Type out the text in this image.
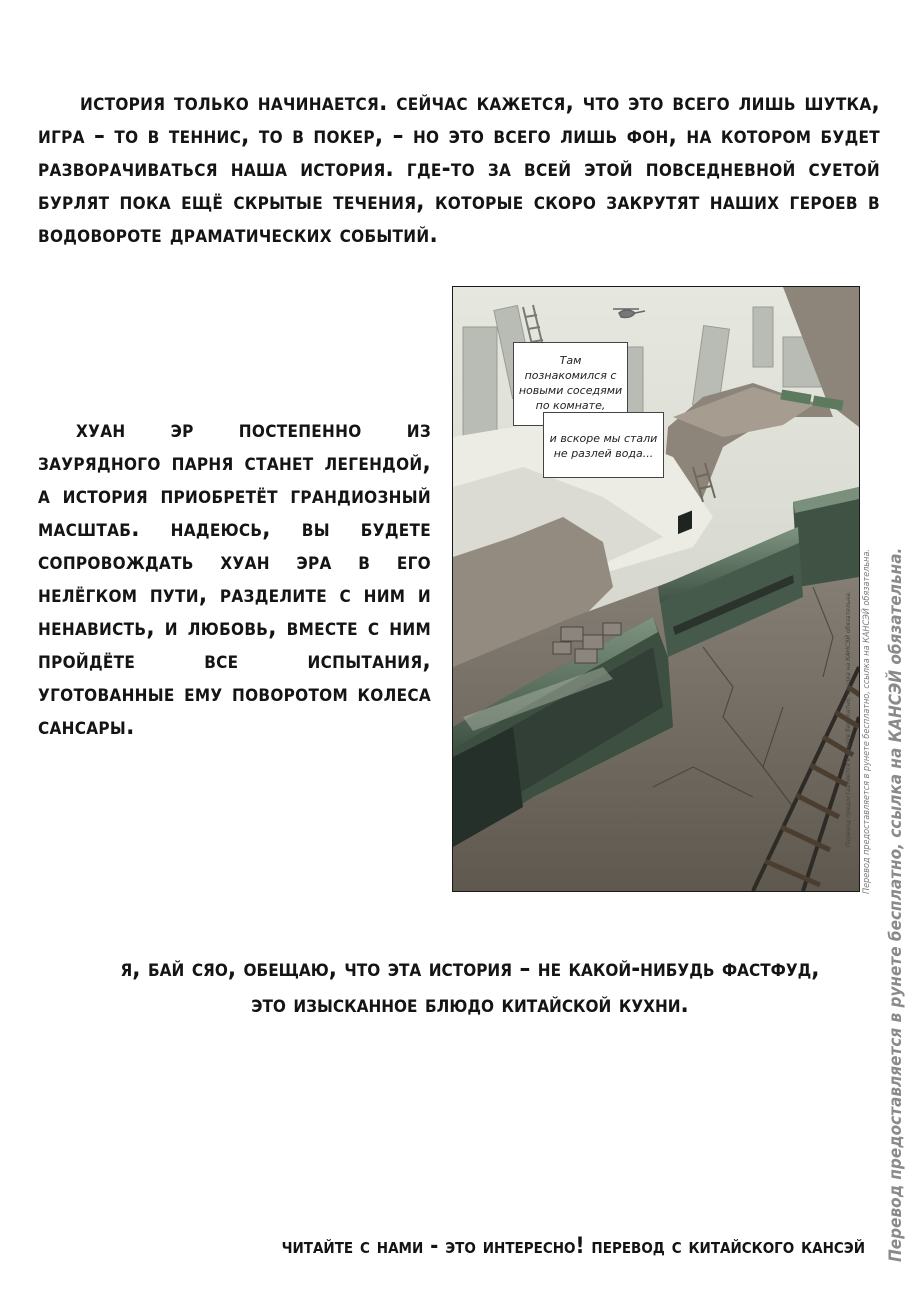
история только начинается. сейчас кажется, что это всего лишь шутка, игра – то в теннис, то в покер, – но это всего лишь фон, на котором будет разворачиваться наша история. где-то за всей этой повседневной суетой бурлят пока ещё скрытые течения, которые скоро закрутят наших героев в водовороте драматических событий.

хуан эр постепенно из заурядного парня станет легендой, а история приобретёт грандиозный масштаб. надеюсь, вы будете сопровождать хуан эра в его нелёгком пути, разделите с ним и ненависть, и любовь, вместе с ним пройдёте все испытания, уготованные ему поворотом колеса сансары.	Перевод предоставляется в рунете бесплатно, ссылка на КАНСЭЙ обязательна.
Там познакомился с новыми соседями по комнате,
и вскоре мы стали не разлей вода...
я, бай сяо, обещаю, что эта история – не какой-нибудь фастфуд,
это изысканное блюдо китайской кухни.
Перевод предоставляется в рунете бесплатно, ссылка на КАНСЭЙ обязательна. Перевод предоставляется в рунете бесплатно, ссылка на КАНСЭЙ обязательна.
читайте с нами - это интересно! перевод с китайского кансэй
